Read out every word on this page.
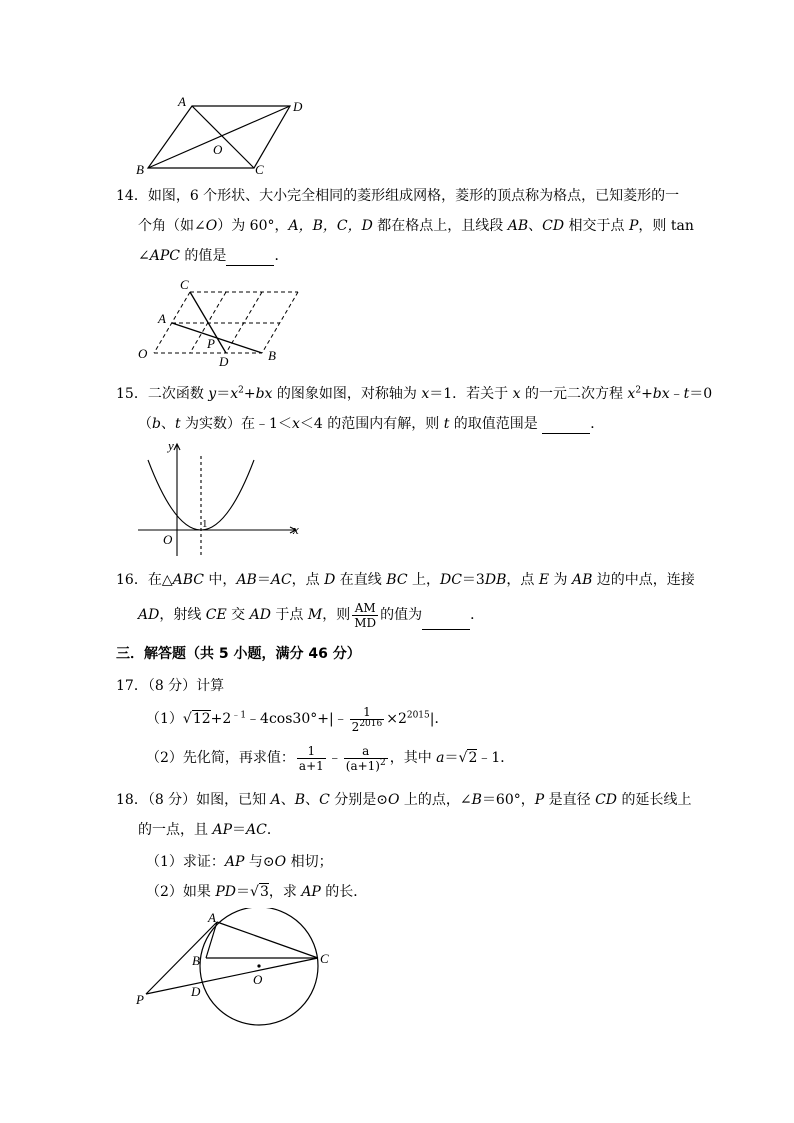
A	D
O
B	C
14．如图，6 个形状、大小完全相同的菱形组成网格，菱形的顶点称为格点，已知菱形的一
个角（如∠O）为 60°，A，B，C，D 都在格点上，且线段 AB、CD 相交于点 P，则 tan
∠APC 的值是	．
C
A
O
P
D	B
15．二次函数 $y=x^2+bx$ 的图象如图，对称轴为 x＝1．若关于 x 的一元二次方程 $x^2+bx﹣t=0$
（b、t 为实数）在﹣1＜x＜4 的范围内有解，则 t 的取值范围是	．
y
x
O
1
16．在△ABC 中，AB＝AC，点 D 在直线 BC 上，DC＝3DB，点 E 为 AB 边的中点，连接
AD，射线 CE 交 AD 于点 M，则 $\frac{AM}{MD}$ 的值为	．
三．解答题（共 5 小题，满分 46 分）
17．（8 分）计算
$(1)√12+2^{﹣1}﹣4\cos 30^\circ+|﹣ \frac{1}{2^{2016}} \times 2^{2015}|$．
（2）先化简，再求值： $\frac{1}{a+1}$ ﹣ $\frac{a}{(a+1)^2}$ ，其中 a＝√2﹣1．
18．（8 分）如图，已知 A、B、C 分别是⊙O 上的点，∠B＝60°，P 是直径 CD 的延长线上
的一点，且 AP＝AC．
（1）求证：AP 与⊙O 相切；
（2）如果 PD＝√3，求 AP 的长．
A
B	C
O
D
P
